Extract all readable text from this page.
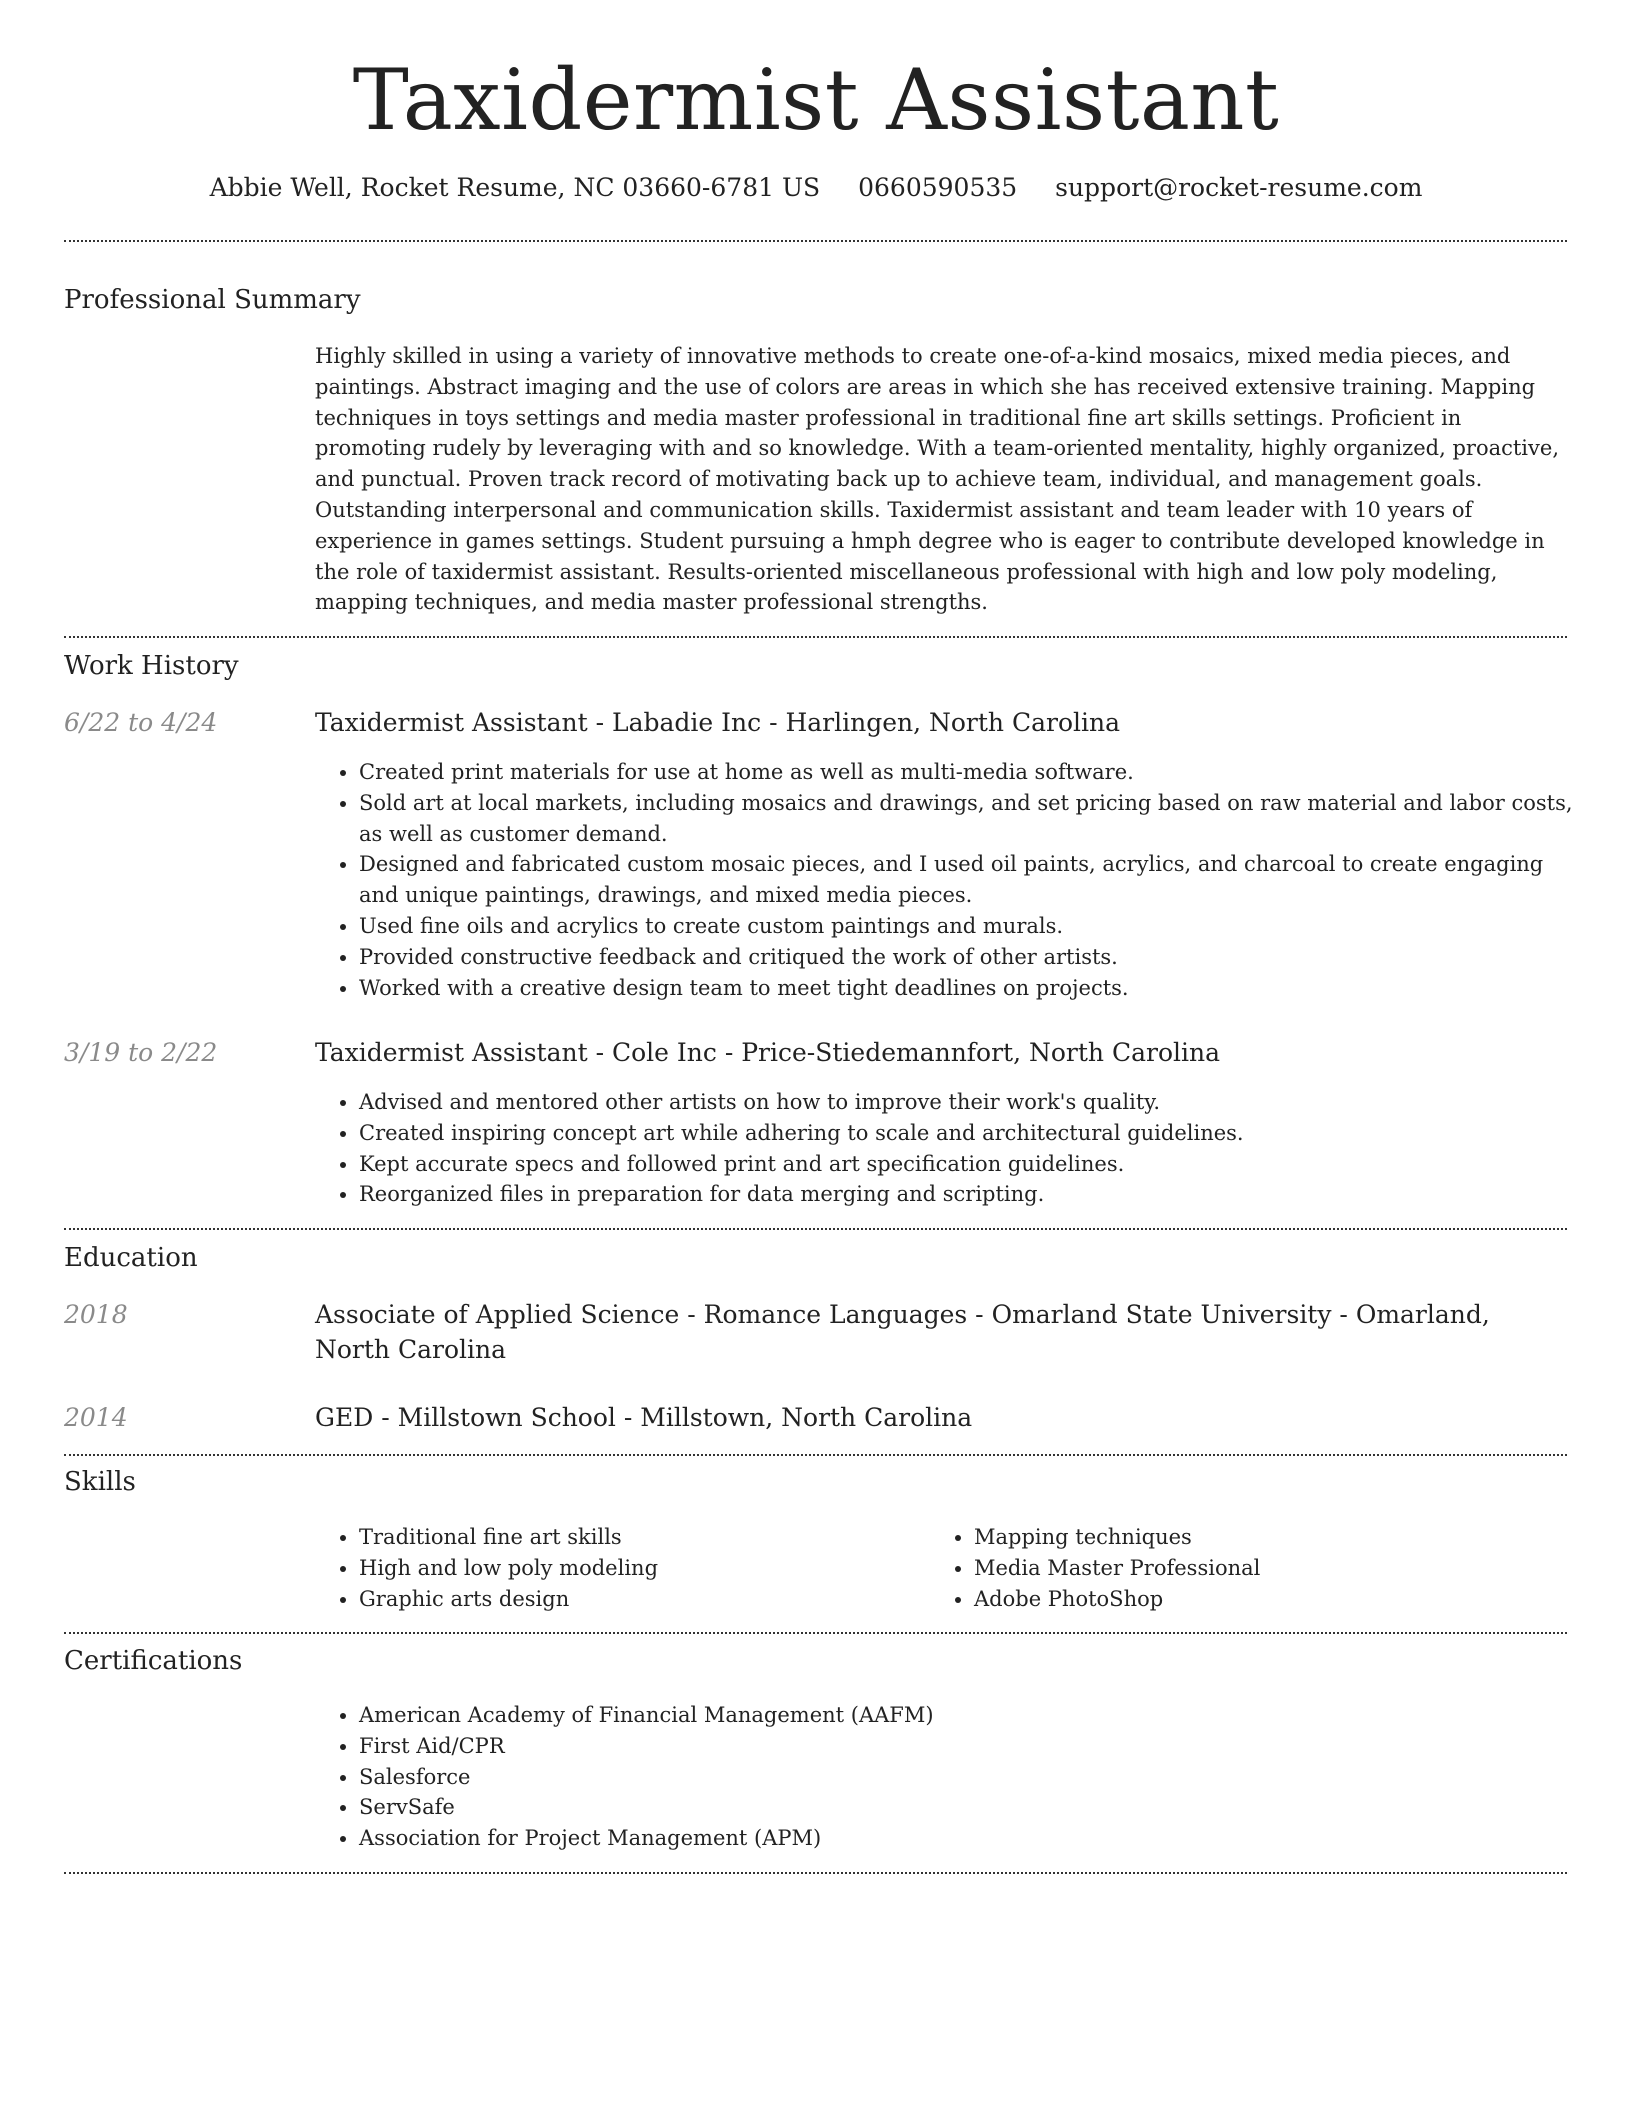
Taxidermist Assistant
Abbie Well, Rocket Resume, NC 03660-6781 US 0660590535 support@rocket-resume.com
Professional Summary
Highly skilled in using a variety of innovative methods to create one-of-a-kind mosaics, mixed media pieces, and paintings. Abstract imaging and the use of colors are areas in which she has received extensive training. Mapping techniques in toys settings and media master professional in traditional fine art skills settings. Proficient in promoting rudely by leveraging with and so knowledge. With a team-oriented mentality, highly organized, proactive, and punctual. Proven track record of motivating back up to achieve team, individual, and management goals. Outstanding interpersonal and communication skills. Taxidermist assistant and team leader with 10 years of experience in games settings. Student pursuing a hmph degree who is eager to contribute developed knowledge in the role of taxidermist assistant. Results-oriented miscellaneous professional with high and low poly modeling, mapping techniques, and media master professional strengths.
Work History
6/22 to 4/24	Taxidermist Assistant - Labadie Inc - Harlingen, North Carolina
• Created print materials for use at home as well as multi-media software.
• Sold art at local markets, including mosaics and drawings, and set pricing based on raw material and labor costs, as well as customer demand.
• Designed and fabricated custom mosaic pieces, and I used oil paints, acrylics, and charcoal to create engaging and unique paintings, drawings, and mixed media pieces.
• Used fine oils and acrylics to create custom paintings and murals.
• Provided constructive feedback and critiqued the work of other artists.
• Worked with a creative design team to meet tight deadlines on projects.
3/19 to 2/22	Taxidermist Assistant - Cole Inc - Price-Stiedemannfort, North Carolina
• Advised and mentored other artists on how to improve their work's quality.
• Created inspiring concept art while adhering to scale and architectural guidelines.
• Kept accurate specs and followed print and art specification guidelines.
• Reorganized files in preparation for data merging and scripting.
Education
2018	Associate of Applied Science - Romance Languages - Omarland State University - Omarland, North Carolina
2014	GED - Millstown School - Millstown, North Carolina
Skills
• Traditional fine art skills
• High and low poly modeling
• Graphic arts design
• Mapping techniques
• Media Master Professional
• Adobe PhotoShop
Certifications
• American Academy of Financial Management (AAFM)
• First Aid/CPR
• Salesforce
• ServSafe
• Association for Project Management (APM)
